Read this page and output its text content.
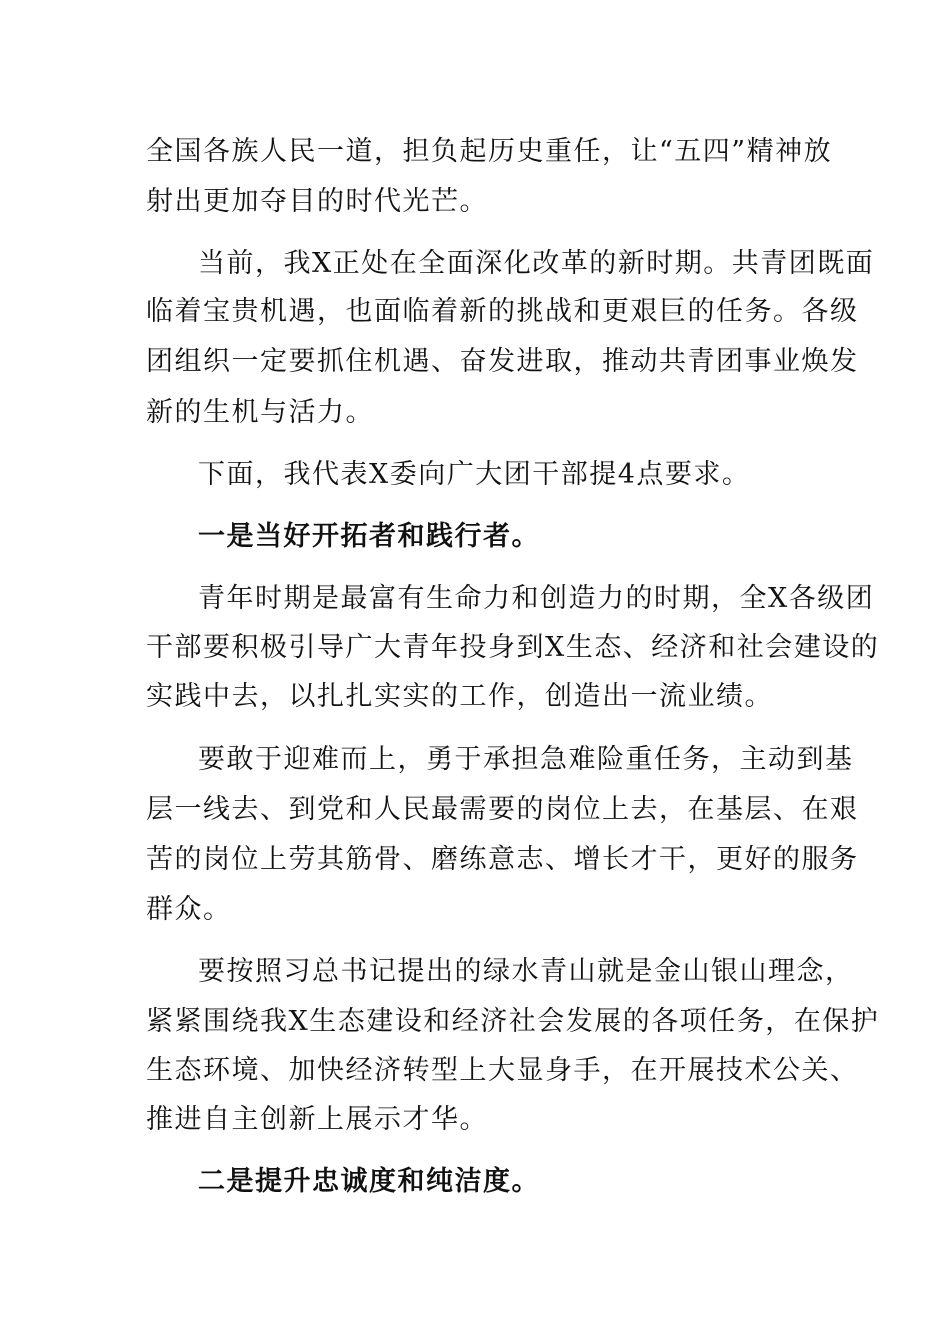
全国各族人民一道，担负起历史重任，让“五四”精神放
射出更加夺目的时代光芒。
当前，我X正处在全面深化改革的新时期。共青团既面
临着宝贵机遇，也面临着新的挑战和更艰巨的任务。各级
团组织一定要抓住机遇、奋发进取，推动共青团事业焕发
新的生机与活力。
下面，我代表X委向广大团干部提4点要求。
一是当好开拓者和践行者。
青年时期是最富有生命力和创造力的时期，全X各级团
干部要积极引导广大青年投身到X生态、经济和社会建设的
实践中去，以扎扎实实的工作，创造出一流业绩。
要敢于迎难而上，勇于承担急难险重任务，主动到基
层一线去、到党和人民最需要的岗位上去，在基层、在艰
苦的岗位上劳其筋骨、磨练意志、增长才干，更好的服务
群众。
要按照习总书记提出的绿水青山就是金山银山理念，
紧紧围绕我X生态建设和经济社会发展的各项任务，在保护
生态环境、加快经济转型上大显身手，在开展技术公关、
推进自主创新上展示才华。
二是提升忠诚度和纯洁度。
